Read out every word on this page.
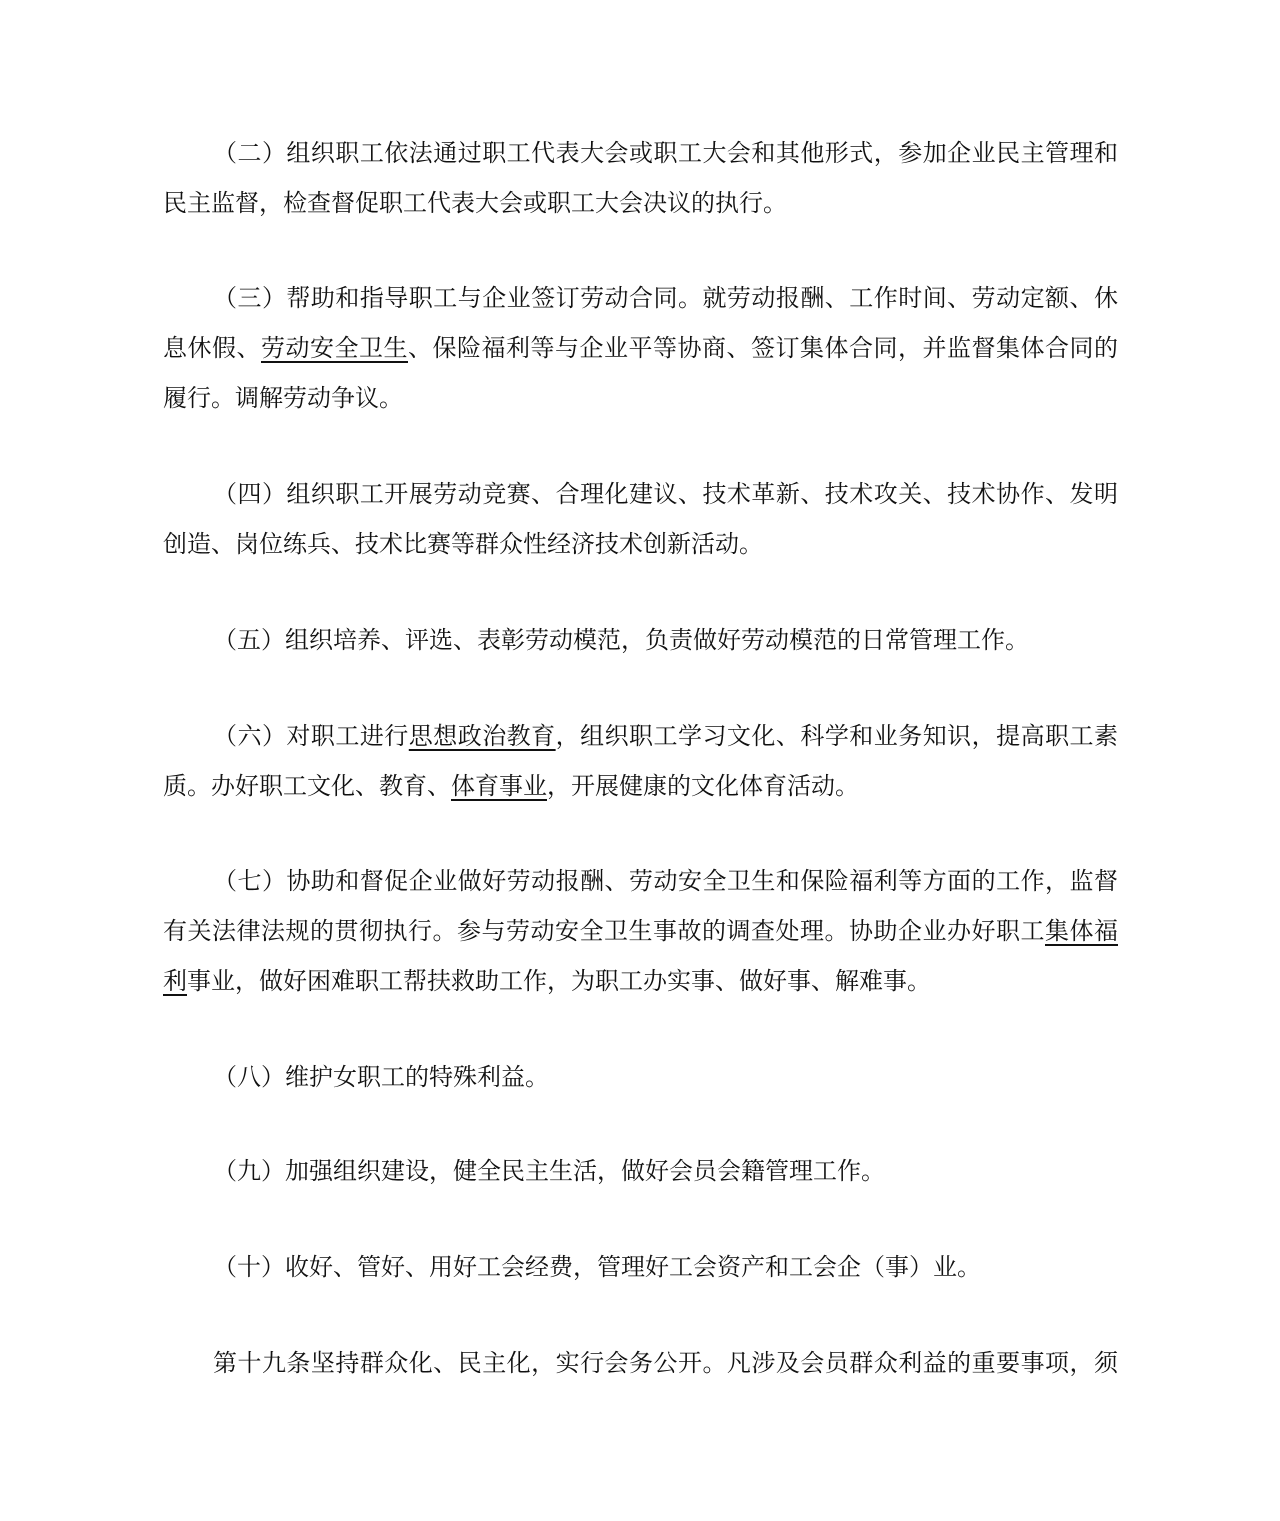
（二）组织职工依法通过职工代表大会或职工大会和其他形式，参加企业民主管理和
民主监督，检查督促职工代表大会或职工大会决议的执行。
（三）帮助和指导职工与企业签订劳动合同。就劳动报酬、工作时间、劳动定额、休
息休假、劳动安全卫生、保险福利等与企业平等协商、签订集体合同，并监督集体合同的
履行。调解劳动争议。
（四）组织职工开展劳动竞赛、合理化建议、技术革新、技术攻关、技术协作、发明
创造、岗位练兵、技术比赛等群众性经济技术创新活动。
（五）组织培养、评选、表彰劳动模范，负责做好劳动模范的日常管理工作。
（六）对职工进行思想政治教育，组织职工学习文化、科学和业务知识，提高职工素
质。办好职工文化、教育、体育事业，开展健康的文化体育活动。
（七）协助和督促企业做好劳动报酬、劳动安全卫生和保险福利等方面的工作，监督
有关法律法规的贯彻执行。参与劳动安全卫生事故的调查处理。协助企业办好职工集体福
利事业，做好困难职工帮扶救助工作，为职工办实事、做好事、解难事。
（八）维护女职工的特殊利益。
（九）加强组织建设，健全民主生活，做好会员会籍管理工作。
（十）收好、管好、用好工会经费，管理好工会资产和工会企（事）业。
第十九条坚持群众化、民主化，实行会务公开。凡涉及会员群众利益的重要事项，须
